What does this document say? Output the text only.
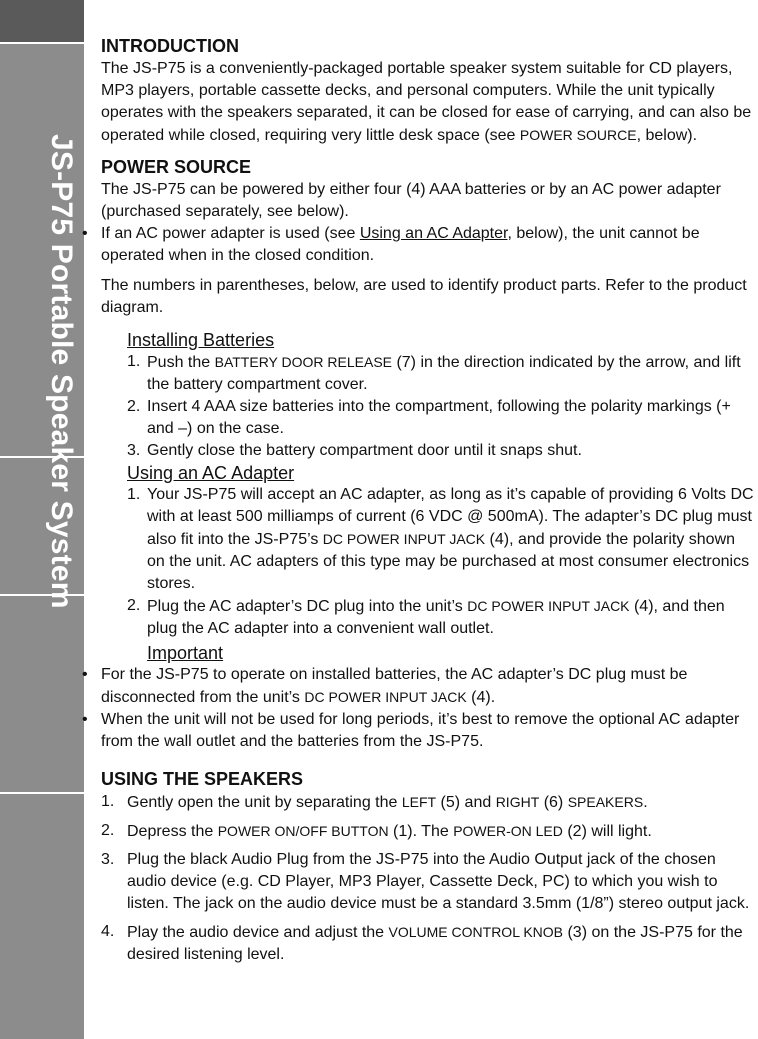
JS-P75 Portable Speaker System
INTRODUCTION

The JS-P75 is a conveniently-packaged portable speaker system suitable for CD players, MP3 players, portable cassette decks, and personal computers. While the unit typically operates with the speakers separated, it can be closed for ease of carrying, and can also be operated while closed, requiring very little desk space (see POWER SOURCE, below).

POWER SOURCE

The JS-P75 can be powered by either four (4) AAA batteries or by an AC power adapter (purchased separately, see below).

• If an AC power adapter is used (see Using an AC Adapter, below), the unit cannot be operated when in the closed condition.

The numbers in parentheses, below, are used to identify product parts. Refer to the product diagram.

Installing Batteries
1. Push the BATTERY DOOR RELEASE (7) in the direction indicated by the arrow, and lift the battery compartment cover.
2. Insert 4 AAA size batteries into the compartment, following the polarity markings (+ and –) on the case.
3. Gently close the battery compartment door until it snaps shut.
Using an AC Adapter
1. Your JS-P75 will accept an AC adapter, as long as it’s capable of providing 6 Volts DC with at least 500 milliamps of current (6 VDC @ 500mA). The adapter’s DC plug must also fit into the JS-P75’s DC POWER INPUT JACK (4), and provide the polarity shown on the unit. AC adapters of this type may be purchased at most consumer electronics stores.
2. Plug the AC adapter’s DC plug into the unit’s DC POWER INPUT JACK (4), and then plug the AC adapter into a convenient wall outlet.
Important
• For the JS-P75 to operate on installed batteries, the AC adapter’s DC plug must be disconnected from the unit’s DC POWER INPUT JACK (4).
• When the unit will not be used for long periods, it’s best to remove the optional AC adapter from the wall outlet and the batteries from the JS-P75.
USING THE SPEAKERS
1. Gently open the unit by separating the LEFT (5) and RIGHT (6) SPEAKERS.
2. Depress the POWER ON/OFF BUTTON (1). The POWER-ON LED (2) will light.
3. Plug the black Audio Plug from the JS-P75 into the Audio Output jack of the chosen audio device (e.g. CD Player, MP3 Player, Cassette Deck, PC) to which you wish to listen. The jack on the audio device must be a standard 3.5mm (1/8”) stereo output jack.
4. Play the audio device and adjust the VOLUME CONTROL KNOB (3) on the JS-P75 for the desired listening level.
